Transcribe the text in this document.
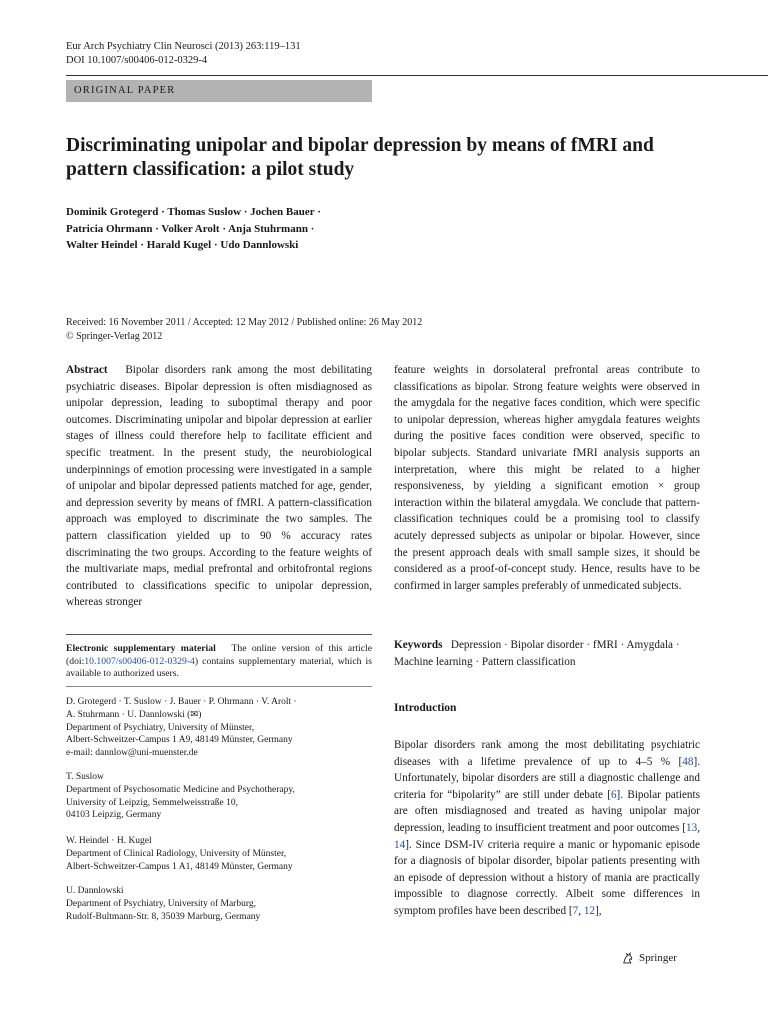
Eur Arch Psychiatry Clin Neurosci (2013) 263:119–131
DOI 10.1007/s00406-012-0329-4
ORIGINAL PAPER
Discriminating unipolar and bipolar depression by means of fMRI and pattern classification: a pilot study
Dominik Grotegerd · Thomas Suslow · Jochen Bauer ·
Patricia Ohrmann · Volker Arolt · Anja Stuhrmann ·
Walter Heindel · Harald Kugel · Udo Dannlowski
Received: 16 November 2011 / Accepted: 12 May 2012 / Published online: 26 May 2012
© Springer-Verlag 2012
Abstract Bipolar disorders rank among the most debilitating psychiatric diseases. Bipolar depression is often misdiagnosed as unipolar depression, leading to suboptimal therapy and poor outcomes. Discriminating unipolar and bipolar depression at earlier stages of illness could therefore help to facilitate efficient and specific treatment. In the present study, the neurobiological underpinnings of emotion processing were investigated in a sample of unipolar and bipolar depressed patients matched for age, gender, and depression severity by means of fMRI. A pattern-classification approach was employed to discriminate the two samples. The pattern classification yielded up to 90 % accuracy rates discriminating the two groups. According to the feature weights of the multivariate maps, medial prefrontal and orbitofrontal regions contributed to classifications specific to unipolar depression, whereas stronger
feature weights in dorsolateral prefrontal areas contribute to classifications as bipolar. Strong feature weights were observed in the amygdala for the negative faces condition, which were specific to unipolar depression, whereas higher amygdala features weights during the positive faces condition were observed, specific to bipolar subjects. Standard univariate fMRI analysis supports an interpretation, where this might be related to a higher responsiveness, by yielding a significant emotion × group interaction within the bilateral amygdala. We conclude that pattern-classification techniques could be a promising tool to classify acutely depressed subjects as unipolar or bipolar. However, since the present approach deals with small sample sizes, it should be considered as a proof-of-concept study. Hence, results have to be confirmed in larger samples preferably of unmedicated subjects.
Electronic supplementary material The online version of this article (doi:10.1007/s00406-012-0329-4) contains supplementary material, which is available to authorized users.
D. Grotegerd · T. Suslow · J. Bauer · P. Ohrmann · V. Arolt ·
A. Stuhrmann · U. Dannlowski (✉)
Department of Psychiatry, University of Münster,
Albert-Schweitzer-Campus 1 A9, 48149 Münster, Germany
e-mail: dannlow@uni-muenster.de
T. Suslow
Department of Psychosomatic Medicine and Psychotherapy,
University of Leipzig, Semmelweisstraße 10,
04103 Leipzig, Germany
W. Heindel · H. Kugel
Department of Clinical Radiology, University of Münster,
Albert-Schweitzer-Campus 1 A1, 48149 Münster, Germany
U. Dannlowski
Department of Psychiatry, University of Marburg,
Rudolf-Bultmann-Str. 8, 35039 Marburg, Germany
Keywords Depression · Bipolar disorder · fMRI · Amygdala · Machine learning · Pattern classification
Introduction
Bipolar disorders rank among the most debilitating psychiatric diseases with a lifetime prevalence of up to 4–5 % [48]. Unfortunately, bipolar disorders are still a diagnostic challenge and criteria for “bipolarity” are still under debate [6]. Bipolar patients are often misdiagnosed and treated as having unipolar major depression, leading to insufficient treatment and poor outcomes [13, 14]. Since DSM-IV criteria require a manic or hypomanic episode for a diagnosis of bipolar disorder, bipolar patients presenting with an episode of depression without a history of mania are practically impossible to diagnose correctly. Albeit some differences in symptom profiles have been described [7, 12],
Springer
